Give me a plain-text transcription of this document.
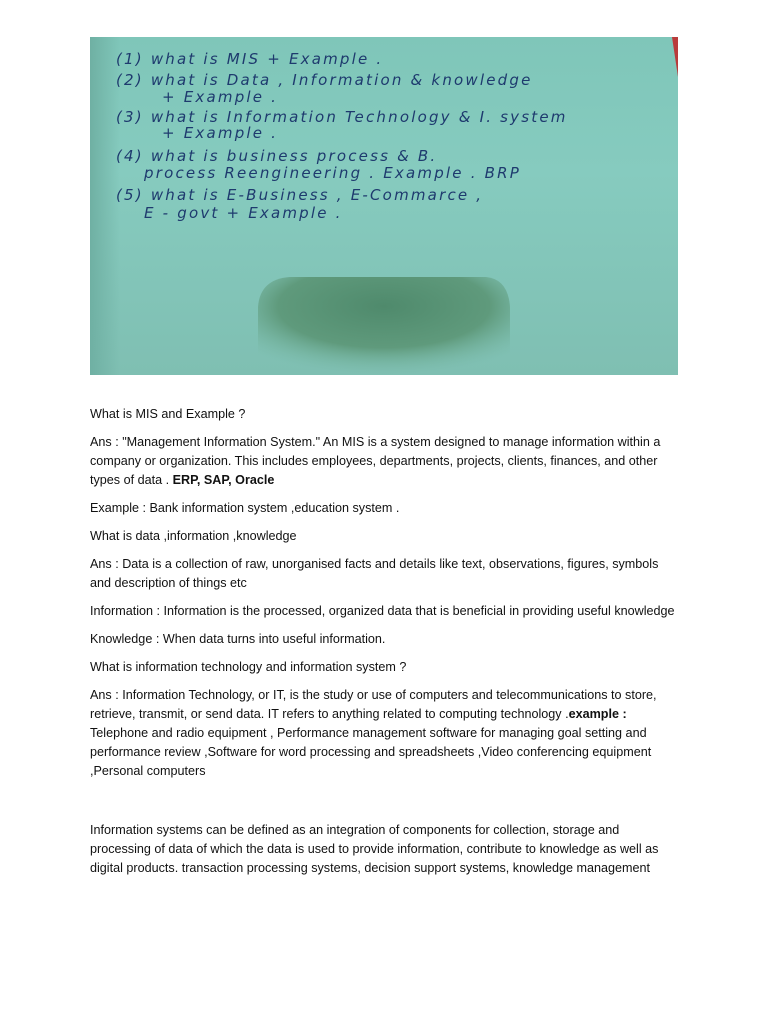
(1) what is MIS + Example .
(2) what is Data , Information & knowledge
+ Example .
(3) what is Information Technology & I. system
+ Example .
(4) what is business process & B.
process Reengineering . Example . BRP
(5) what is E-Business , E-Commarce ,
E - govt + Example .

What is MIS and Example ?

Ans : "Management Information System." An MIS is a system designed to manage information within a company or organization. This includes employees, departments, projects, clients, finances, and other types of data . ERP, SAP, Oracle

Example : Bank information system ,education system .

What is data ,information ,knowledge

Ans : Data is a collection of raw, unorganised facts and details like text, observations, figures, symbols and description of things etc

Information : Information is the processed, organized data that is beneficial in providing useful knowledge

Knowledge : When data turns into useful information.

What is information technology and information system ?

Ans : Information Technology, or IT, is the study or use of computers and telecommunications to store, retrieve, transmit, or send data. IT refers to anything related to computing technology .example : Telephone and radio equipment , Performance management software for managing goal setting and performance review ,Software for word processing and spreadsheets ,Video conferencing equipment ,Personal computers

Information systems can be defined as an integration of components for collection, storage and processing of data of which the data is used to provide information, contribute to knowledge as well as digital products. transaction processing systems, decision support systems, knowledge management
